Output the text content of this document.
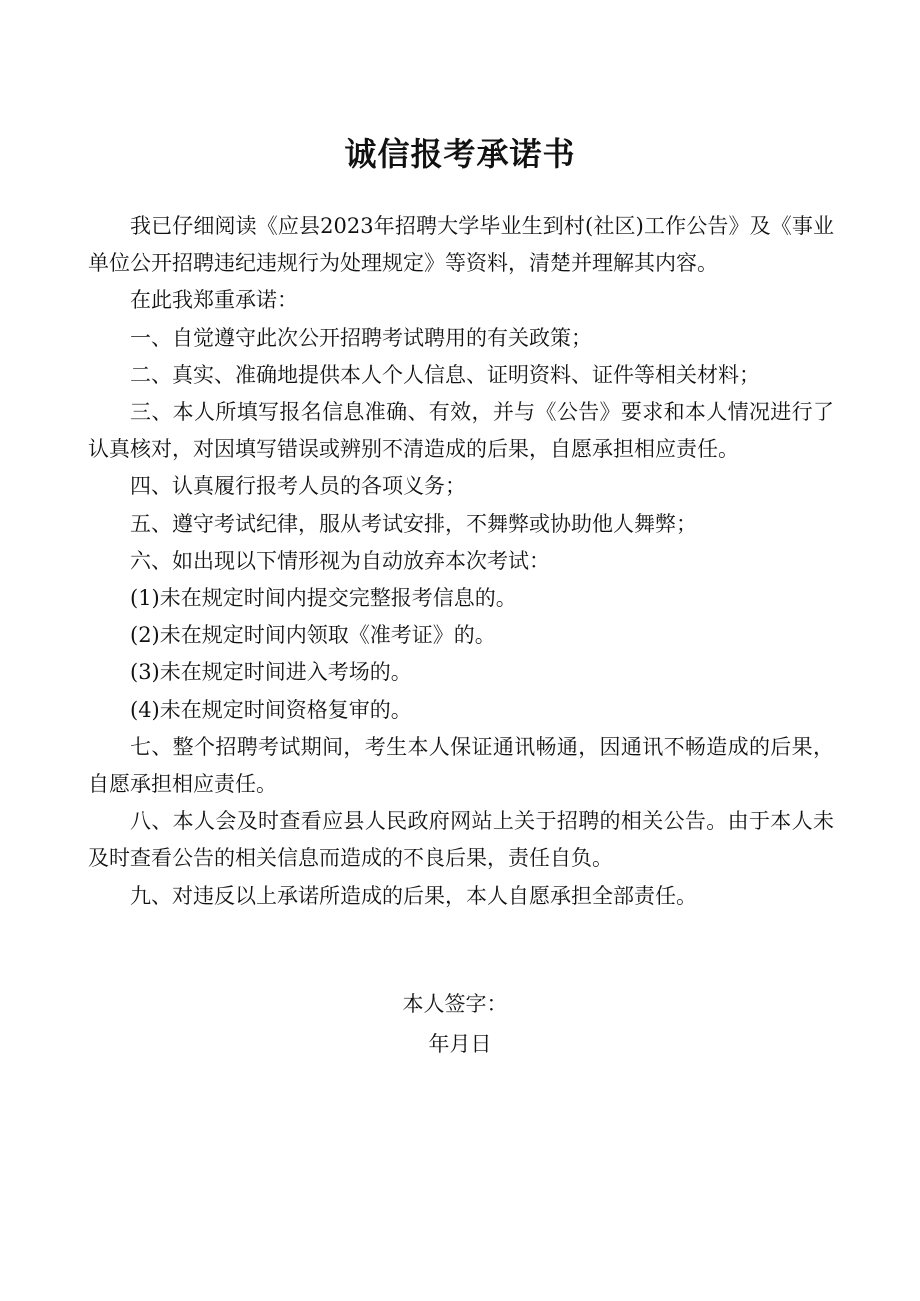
诚信报考承诺书

我已仔细阅读《应县2023年招聘大学毕业生到村(社区)工作公告》及《事业单位公开招聘违纪违规行为处理规定》等资料，清楚并理解其内容。

在此我郑重承诺：

一、自觉遵守此次公开招聘考试聘用的有关政策；

二、真实、准确地提供本人个人信息、证明资料、证件等相关材料；

三、本人所填写报名信息准确、有效，并与《公告》要求和本人情况进行了认真核对，对因填写错误或辨别不清造成的后果，自愿承担相应责任。

四、认真履行报考人员的各项义务；

五、遵守考试纪律，服从考试安排，不舞弊或协助他人舞弊；

六、如出现以下情形视为自动放弃本次考试：

(1)未在规定时间内提交完整报考信息的。

(2)未在规定时间内领取《准考证》的。

(3)未在规定时间进入考场的。

(4)未在规定时间资格复审的。

七、整个招聘考试期间，考生本人保证通讯畅通，因通讯不畅造成的后果，自愿承担相应责任。

八、本人会及时查看应县人民政府网站上关于招聘的相关公告。由于本人未及时查看公告的相关信息而造成的不良后果，责任自负。

九、对违反以上承诺所造成的后果，本人自愿承担全部责任。

本人签字：
年月日
